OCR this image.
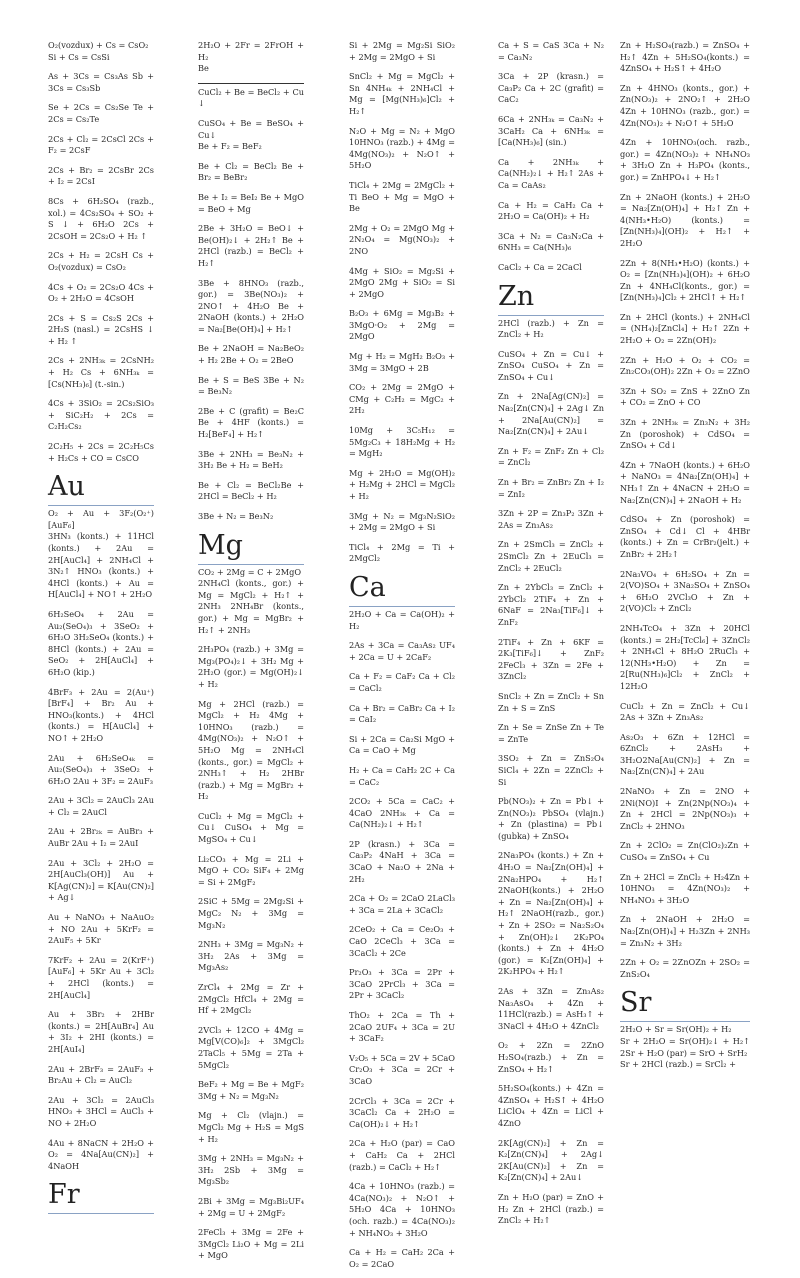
O₂(vozdux) + Cs = CsO₂
Si + Cs = CsSi

As + 3Cs = Cs₃As Sb + 3Cs = Cs₃Sb

Se + 2Cs = Cs₂Se Te + 2Cs = Cs₂Te

2Cs + Cl₂ = 2CsCl 2Cs + F₂ = 2CsF

2Cs + Br₂ = 2CsBr 2Cs + I₂ = 2CsI

8Cs + 6H₂SO₄ (razb., xol.) = 4Cs₂SO₄ + SO₂ + S ↓ + 6H₂O 2Cs + 2CsOH = 2Cs₂O + H₂ ↑

2Cs + H₂ = 2CsH Cs + O₂(vozdux) = CsO₂

4Cs + O₂ = 2Cs₂O 4Cs + O₂ + 2H₂O = 4CsOH

2Cs + S = Cs₂S 2Cs + 2H₂S (nasl.) = 2CsHS ↓ + H₂ ↑

2Cs + 2NH₃ₖ = 2CsNH₂ + H₂ Cs + 6NH₃ₖ = [Cs(NH₃)₆] (t.-sin.)

4Cs + 3SiO₂ = 2Cs₂SiO₃ + SiC₂H₂ + 2Cs = C₂H₂Cs₂

2C₂H₅ + 2Cs = 2C₂H₅Cs + H₂Cs + CO = CsCO

Au

O₂ + Au + 3F₂(O₂⁺)[AuF₆]
3HN₃ (konts.) + 11HCl (konts.) + 2Au = 2H[AuCl₄] + 2NH₄Cl + 3N₂↑ HNO₃ (konts.) + 4HCl (konts.) + Au = H[AuCl₄] + NO↑ + 2H₂O

6H₂SeO₄ + 2Au = Au₂(SeO₄)₃ + 3SeO₂ + 6H₂O 3H₂SeO₄ (konts.) + 8HCl (konts.) + 2Au = SeO₂ + 2H[AuCl₄] + 6H₂O (kip.)

4BrF₃ + 2Au = 2(Au⁺)[BrF₄] + Br₂ Au + HNO₃(konts.) + 4HCl (konts.) = H[AuCl₄] + NO↑ + 2H₂O

2Au + 6H₂SeO₄ₖ = Au₂(SeO₄)₃ + 3SeO₂ + 6H₂O 2Au + 3F₂ = 2AuF₃

2Au + 3Cl₂ = 2AuCl₃ 2Au + Cl₂ = 2AuCl

2Au + 2Br₂ₖ = AuBr₃ + AuBr 2Au + I₂ = 2AuI

2Au + 3Cl₂ + 2H₂O = 2H[AuCl₃(OH)] Au + K[Ag(CN)₂] = K[Au(CN)₂] + Ag↓

Au + NaNO₃ + NaAuO₂ + NO 2Au + 5KrF₂ = 2AuF₅ + 5Kr

7KrF₂ + 2Au = 2(KrF⁺)[AuF₆] + 5Kr Au + 3Cl₂ + 2HCl (konts.) = 2H[AuCl₄]

Au + 3Br₂ + 2HBr (konts.) = 2H[AuBr₄] Au + 3I₂ + 2HI (konts.) = 2H[AuI₄]

2Au + 2BrF₃ = 2AuF₃ + Br₂Au + Cl₂ = AuCl₂

2Au + 3Cl₂ = 2AuCl₃ HNO₃ + 3HCl = AuCl₃ + NO + 2H₂O

4Au + 8NaCN + 2H₂O + O₂ = 4Na[Au(CN)₂] + 4NaOH

Fr

2H₂O + 2Fr = 2FrOH + H₂
Be

CuCl₂ + Be = BeCl₂ + Cu ↓

CuSO₄ + Be = BeSO₄ + Cu↓
Be + F₂ = BeF₂

Be + Cl₂ = BeCl₂ Be + Br₂ = BeBr₂

Be + I₂ = BeI₂ Be + MgO = BeO + Mg

2Be + 3H₂O = BeO↓ + Be(OH)₂↓ + 2H₂↑ Be + 2HCl (razb.) = BeCl₂ + H₂↑

3Be + 8HNO₃ (razb., gor.) = 3Be(NO₃)₂ + 2NO↑ + 4H₂O Be + 2NaOH (konts.) + 2H₂O = Na₂[Be(OH)₄] + H₂↑

Be + 2NaOH = Na₂BeO₂ + H₂ 2Be + O₂ = 2BeO

Be + S = BeS 3Be + N₂ = Be₃N₂

2Be + C (grafit) = Be₂C Be + 4HF (konts.) = H₂[BeF₄] + H₂↑

3Be + 2NH₃ = Be₃N₂ + 3H₂ Be + H₂ = BeH₂

Be + Cl₂ = BeCl₂Be + 2HCl = BeCl₂ + H₂

3Be + N₂ = Be₃N₂

Mg

CO₂ + 2Mg = C + 2MgO
2NH₄Cl (konts., gor.) + Mg = MgCl₂ + H₂↑ + 2NH₃ 2NH₄Br (konts., gor.) + Mg = MgBr₂ + H₂↑ + 2NH₃

2H₃PO₄ (razb.) + 3Mg = Mg₃(PO₄)₂↓ + 3H₂ Mg + 2H₂O (gor.) = Mg(OH)₂↓ + H₂

Mg + 2HCl (razb.) = MgCl₂ + H₂ 4Mg + 10HNO₃ (razb.) = 4Mg(NO₃)₂ + N₂O↑ + 5H₂O Mg = 2NH₄Cl (konts., gor.) = MgCl₂ + 2NH₃↑ + H₂ 2HBr (razb.) + Mg = MgBr₂ + H₂

CuCl₂ + Mg = MgCl₂ + Cu↓ CuSO₄ + Mg = MgSO₄ + Cu↓

Li₂CO₃ + Mg = 2Li + MgO + CO₂ SiF₄ + 2Mg = Si + 2MgF₂

2SiC + 5Mg = 2Mg₂Si + MgC₂ N₂ + 3Mg = Mg₃N₂

2NH₃ + 3Mg = Mg₃N₂ + 3H₂ 2As + 3Mg = Mg₃As₂

ZrCl₄ + 2Mg = Zr + 2MgCl₂ HfCl₄ + 2Mg = Hf + 2MgCl₂

2VCl₃ + 12CO + 4Mg = Mg[V(CO)₆]₂ + 3MgCl₂ 2TaCl₅ + 5Mg = 2Ta + 5MgCl₂

BeF₂ + Mg = Be + MgF₂ 3Mg + N₂ = Mg₃N₂

Mg + Cl₂ (vlajn.) = MgCl₂ Mg + H₂S = MgS + H₂

3Mg + 2NH₃ = Mg₃N₂ + 3H₂ 2Sb + 3Mg = Mg₃Sb₂

2Bi + 3Mg = Mg₃Bi₂UF₄ + 2Mg = U + 2MgF₂

2FeCl₃ + 3Mg = 2Fe + 3MgCl₂ Li₂O + Mg = 2Li + MgO

Si + 2Mg = Mg₂Si SiO₂ + 2Mg = 2MgO + Si

SnCl₂ + Mg = MgCl₂ + Sn 4NH₄ₖ + 2NH₄Cl + Mg = [Mg(NH₃)₆]Cl₂ + H₂↑

N₂O + Mg = N₂ + MgO 10HNO₃ (razb.) + 4Mg = 4Mg(NO₃)₂ + N₂O↑ + 5H₂O

TiCl₄ + 2Mg = 2MgCl₂ + Ti BeO + Mg = MgO + Be

2Mg + O₂ = 2MgO Mg + 2N₂O₄ = Mg(NO₃)₂ + 2NO

4Mg + SiO₂ = Mg₂Si + 2MgO 2Mg + SiO₂ = Si + 2MgO

B₂O₃ + 6Mg = Mg₃B₂ + 3MgO·O₂ + 2Mg = 2MgO

Mg + H₂ = MgH₂ B₂O₃ + 3Mg = 3MgO + 2B

CO₂ + 2Mg = 2MgO + CMg + C₂H₂ = MgC₂ + 2H₂

10Mg + 3C₅H₁₂ = 5Mg₂C₃ + 18H₂Mg + H₂ = MgH₂

Mg + 2H₂O = Mg(OH)₂ + H₂Mg + 2HCl = MgCl₂ + H₂

3Mg + N₂ = Mg₃N₂SiO₂ + 2Mg = 2MgO + Si

TiCl₄ + 2Mg = Ti + 2MgCl₂

Ca

2H₂O + Ca = Ca(OH)₂ + H₂

2As + 3Ca = Ca₃As₂ UF₄ + 2Ca = U + 2CaF₂

Ca + F₂ = CaF₂ Ca + Cl₂ = CaCl₂

Ca + Br₂ = CaBr₂ Ca + I₂ = CaI₂

Si + 2Ca = Ca₂Si MgO + Ca = CaO + Mg

H₂ + Ca = CaH₂ 2C + Ca = CaC₂

2CO₂ + 5Ca = CaC₂ + 4CaO 2NH₃ₖ + Ca = Ca(NH₂)₂↓ + H₂↑

2P (krasn.) + 3Ca = Ca₃P₂ 4NaH + 3Ca = 3CaO + Na₂O + 2Na + 2H₂

2Ca + O₂ = 2CaO 2LaCl₃ + 3Ca = 2La + 3CaCl₂

2CeO₂ + Ca = Ce₂O₃ + CaO 2CeCl₃ + 3Ca = 3CaCl₂ + 2Ce

Pr₂O₃ + 3Ca = 2Pr + 3CaO 2PrCl₃ + 3Ca = 2Pr + 3CaCl₂

ThO₂ + 2Ca = Th + 2CaO 2UF₄ + 3Ca = 2U + 3CaF₂

V₂O₅ + 5Ca = 2V + 5CaO Cr₂O₃ + 3Ca = 2Cr + 3CaO

2CrCl₃ + 3Ca = 2Cr + 3CaCl₂ Ca + 2H₂O = Ca(OH)₂↓ + H₂↑

2Ca + H₂O (par) = CaO + CaH₂ Ca + 2HCl (razb.) = CaCl₂ + H₂↑

4Ca + 10HNO₃ (razb.) = 4Ca(NO₃)₂ + N₂O↑ + 5H₂O 4Ca + 10HNO₃ (och. razb.) = 4Ca(NO₃)₂ + NH₄NO₃ + 3H₂O

Ca + H₂ = CaH₂ 2Ca + O₂ = 2CaO

Ca + S = CaS 3Ca + N₂ = Ca₃N₂

3Ca + 2P (krasn.) = Ca₃P₂ Ca + 2C (grafit) = CaC₂

6Ca + 2NH₃ₖ = Ca₃N₂ + 3CaH₂ Ca + 6NH₃ₖ = [Ca(NH₃)₆] (sin.)

Ca + 2NH₃ₖ + Ca(NH₂)₂↓ + H₂↑ 2As + Ca = CaAs₂

Ca + H₂ = CaH₂ Ca + 2H₂O = Ca(OH)₂ + H₂

3Ca + N₂ = Ca₃N₂Ca + 6NH₃ = Ca(NH₃)₆

CaCl₂ + Ca = 2CaCl

Zn

2HCl (razb.) + Zn = ZnCl₂ + H₂

CuSO₄ + Zn = Cu↓ + ZnSO₄ CuSO₄ + Zn = ZnSO₄ + Cu↓

Zn + 2Na[Ag(CN)₂] = Na₂[Zn(CN)₄] + 2Ag↓ Zn + 2Na[Au(CN)₂] = Na₂[Zn(CN)₄] + 2Au↓

Zn + F₂ = ZnF₂ Zn + Cl₂ = ZnCl₂

Zn + Br₂ = ZnBr₂ Zn + I₂ = ZnI₂

3Zn + 2P = Zn₃P₂ 3Zn + 2As = Zn₃As₂

Zn + 2SmCl₃ = ZnCl₂ + 2SmCl₂ Zn + 2EuCl₃ = ZnCl₂ + 2EuCl₂

Zn + 2YbCl₃ = ZnCl₂ + 2YbCl₂ 2TiF₄ + Zn + 6NaF = 2Na₃[TiF₆]↓ + ZnF₂

2TiF₄ + Zn + 6KF = 2K₃[TiF₆]↓ + ZnF₂ 2FeCl₃ + 3Zn = 2Fe + 3ZnCl₂

SnCl₂ + Zn = ZnCl₂ + Sn Zn + S = ZnS

Zn + Se = ZnSe Zn + Te = ZnTe

3SO₂ + Zn = ZnS₂O₄ SiCl₄ + 2Zn = 2ZnCl₂ + Si

Pb(NO₃)₂ + Zn = Pb↓ + Zn(NO₃)₂ PbSO₄ (vlajn.) + Zn (plastina) = Pb↓ (gubka) + ZnSO₄

2Na₃PO₄ (konts.) + Zn + 4H₂O = Na₂[Zn(OH)₄] + 2Na₂HPO₄ + H₂↑ 2NaOH(konts.) + 2H₂O + Zn = Na₂[Zn(OH)₄] + H₂↑ 2NaOH(razb., gor.) + Zn + 2SO₂ = Na₂S₂O₄ + Zn(OH)₂↓ 2K₂PO₄ (konts.) + Zn + 4H₂O (gor.) = K₂[Zn(OH)₄] + 2K₂HPO₄ + H₂↑

2As + 3Zn = Zn₃As₂ Na₃AsO₄ + 4Zn + 11HCl(razb.) = AsH₃↑ + 3NaCl + 4H₂O + 4ZnCl₂

O₂ + 2Zn = 2ZnO H₂SO₄(razb.) + Zn = ZnSO₄ + H₂↑

5H₂SO₄(konts.) + 4Zn = 4ZnSO₄ + H₂S↑ + 4H₂O LiClO₄ + 4Zn = LiCl + 4ZnO

2K[Ag(CN)₂] + Zn = K₂[Zn(CN)₄] + 2Ag↓ 2K[Au(CN)₂] + Zn = K₂[Zn(CN)₄] + 2Au↓

Zn + H₂O (par) = ZnO + H₂ Zn + 2HCl (razb.) = ZnCl₂ + H₂↑

Zn + H₂SO₄(razb.) = ZnSO₄ + H₂↑ 4Zn + 5H₂SO₄(konts.) = 4ZnSO₄ + H₂S↑ + 4H₂O

Zn + 4HNO₃ (konts., gor.) + Zn(NO₃)₂ + 2NO₂↑ + 2H₂O 4Zn + 10HNO₃ (razb., gor.) = 4Zn(NO₃)₂ + N₂O↑ + 5H₂O

4Zn + 10HNO₃(och. razb., gor.) = 4Zn(NO₃)₂ + NH₄NO₃ + 3H₂O Zn + H₃PO₄ (konts., gor.) = ZnHPO₄↓ + H₂↑

Zn + 2NaOH (konts.) + 2H₂O = Na₂[Zn(OH)₄] + H₂↑ Zn + 4(NH₃•H₂O) (konts.) = [Zn(NH₃)₄](OH)₂ + H₂↑ + 2H₂O

2Zn + 8(NH₃•H₂O) (konts.) + O₂ = [Zn(NH₃)₄](OH)₂ + 6H₂O Zn + 4NH₄Cl(konts., gor.) = [Zn(NH₃)₄]Cl₂ + 2HCl↑ + H₂↑

Zn + 2HCl (konts.) + 2NH₄Cl = (NH₄)₂[ZnCl₄] + H₂↑ 2Zn + 2H₂O + O₂ = 2Zn(OH)₂

2Zn + H₂O + O₂ + CO₂ = Zn₂CO₃(OH)₂ 2Zn + O₂ = 2ZnO

3Zn + SO₂ = ZnS + 2ZnO Zn + CO₂ = ZnO + CO

3Zn + 2NH₃ₖ = Zn₃N₂ + 3H₂ Zn (poroshok) + CdSO₄ = ZnSO₄ + Cd↓

4Zn + 7NaOH (konts.) + 6H₂O + NaNO₃ = 4Na₂[Zn(OH)₄] + NH₃↑ Zn + 4NaCN + 2H₂O = Na₂[Zn(CN)₄] + 2NaOH + H₂

CdSO₄ + Zn (poroshok) = ZnSO₄ + Cd↓ Cl + 4HBr (konts.) + Zn = CrBr₂(jelt.) + ZnBr₂ + 2H₂↑

2Na₃VO₄ + 6H₂SO₄ + Zn = 2(VO)SO₄ + 3Na₂SO₄ + ZnSO₄ + 6H₂O 2VCl₃O + Zn + 2(VO)Cl₂ + ZnCl₂

2NH₄TcO₄ + 3Zn + 20HCl (konts.) = 2H₂[TcCl₆] + 3ZnCl₂ + 2NH₄Cl + 8H₂O 2RuCl₃ + 12(NH₃•H₂O) + Zn = 2[Ru(NH₃)₆]Cl₂ + ZnCl₂ + 12H₂O

CuCl₂ + Zn = ZnCl₂ + Cu↓ 2As + 3Zn + Zn₃As₂

As₂O₃ + 6Zn + 12HCl = 6ZnCl₂ + 2AsH₃ + 3H₂O2Na[Au(CN)₂] + Zn = Na₂[Zn(CN)₄] + 2Au

2NaNO₃ + Zn = 2NO + 2Ni(NO)I + Zn(2Np(NO₃)₄ + Zn + 2HCl = 2Np(NO₃)₃ + ZnCl₂ + 2HNO₃

Zn + 2ClO₂ = Zn(ClO₂)₂Zn + CuSO₄ = ZnSO₄ + Cu

Zn + 2HCl = ZnCl₂ + H₂4Zn + 10HNO₃ = 4Zn(NO₃)₂ + NH₄NO₃ + 3H₂O

Zn + 2NaOH + 2H₂O = Na₂[Zn(OH)₄] + H₂3Zn + 2NH₃ = Zn₃N₂ + 3H₂

2Zn + O₂ = 2ZnOZn + 2SO₂ = ZnS₂O₄

Sr

2H₂O + Sr = Sr(OH)₂ + H₂
Sr + 2H₂O = Sr(OH)₂↓ + H₂↑ 2Sr + H₂O (par) = SrO + SrH₂
Sr + 2HCl (razb.) = SrCl₂ +
